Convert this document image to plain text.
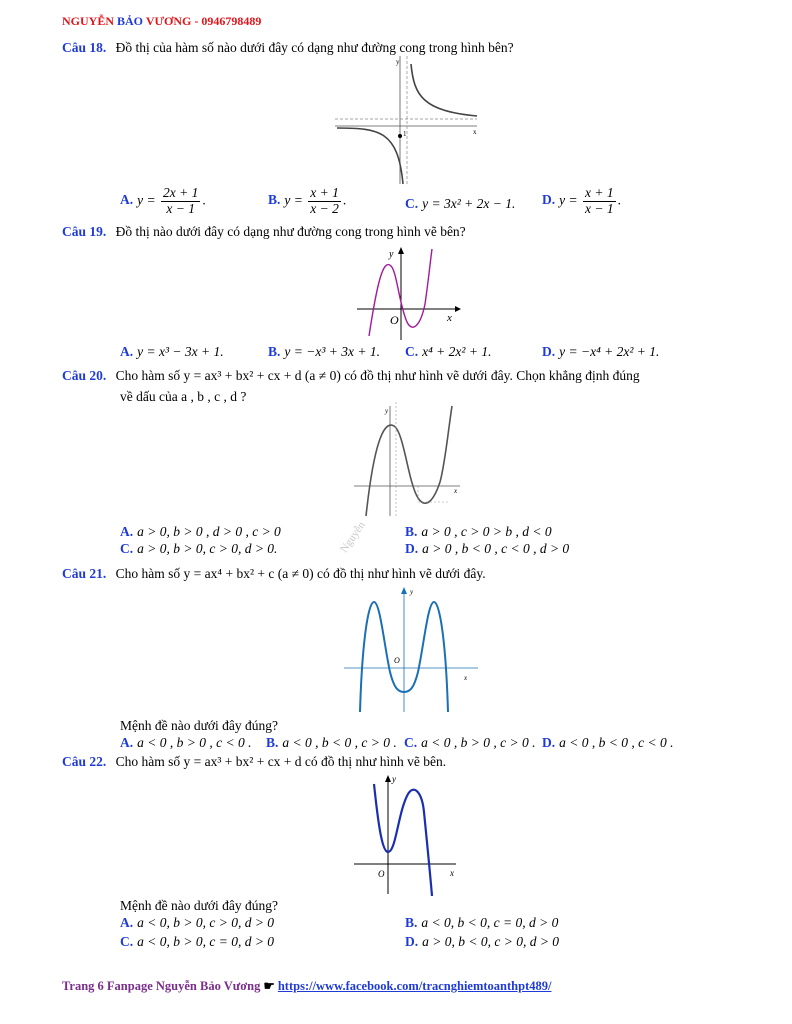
NGUYỄN BẢO VƯƠNG - 0946798489
Câu 18. Đồ thị của hàm số nào dưới đây có dạng như đường cong trong hình bên?
y
1	x
A. $y = \frac{2x + 1}{x - 1}$ .	B. $y = \frac{x + 1}{x - 2}$ .	C. y = 3x² + 2x − 1. D. $y = \frac{x + 1}{x - 1}$ .
Câu 19. Đồ thị nào dưới đây có dạng như đường cong trong hình vẽ bên?
y
x
O
A. y = x³ − 3x + 1.	B. y = −x³ + 3x + 1. C. x⁴ + 2x² + 1.	D. y = −x⁴ + 2x² + 1.
Câu 20. Cho hàm số y = ax³ + bx² + cx + d (a ≠ 0) có đồ thị như hình vẽ dưới đây. Chọn khẳng định đúng
về dấu của a , b , c , d ?
y
x
Nguyễn
A. a > 0, b > 0 , d > 0 , c > 0	B. a > 0 , c > 0 > b , d < 0
C. a > 0, b > 0, c > 0, d > 0.	D. a > 0 , b < 0 , c < 0 , d > 0
Câu 21. Cho hàm số y = ax⁴ + bx² + c (a ≠ 0) có đồ thị như hình vẽ dưới đây.
y
x
O
Mệnh đề nào dưới đây đúng?
A. a < 0 , b > 0 , c < 0 . B. a < 0 , b < 0 , c > 0 . C. a < 0 , b > 0 , c > 0 . D. a < 0 , b < 0 , c < 0 .
Câu 22. Cho hàm số y = ax³ + bx² + cx + d có đồ thị như hình vẽ bên.
y
x
O
Mệnh đề nào dưới đây đúng?
A. a < 0, b > 0, c > 0, d > 0	B. a < 0, b < 0, c = 0, d > 0
C. a < 0, b > 0, c = 0, d > 0	D. a > 0, b < 0, c > 0, d > 0
Trang 6 Fanpage Nguyễn Bảo Vương ☛ https://www.facebook.com/tracnghiemtoanthpt489/
